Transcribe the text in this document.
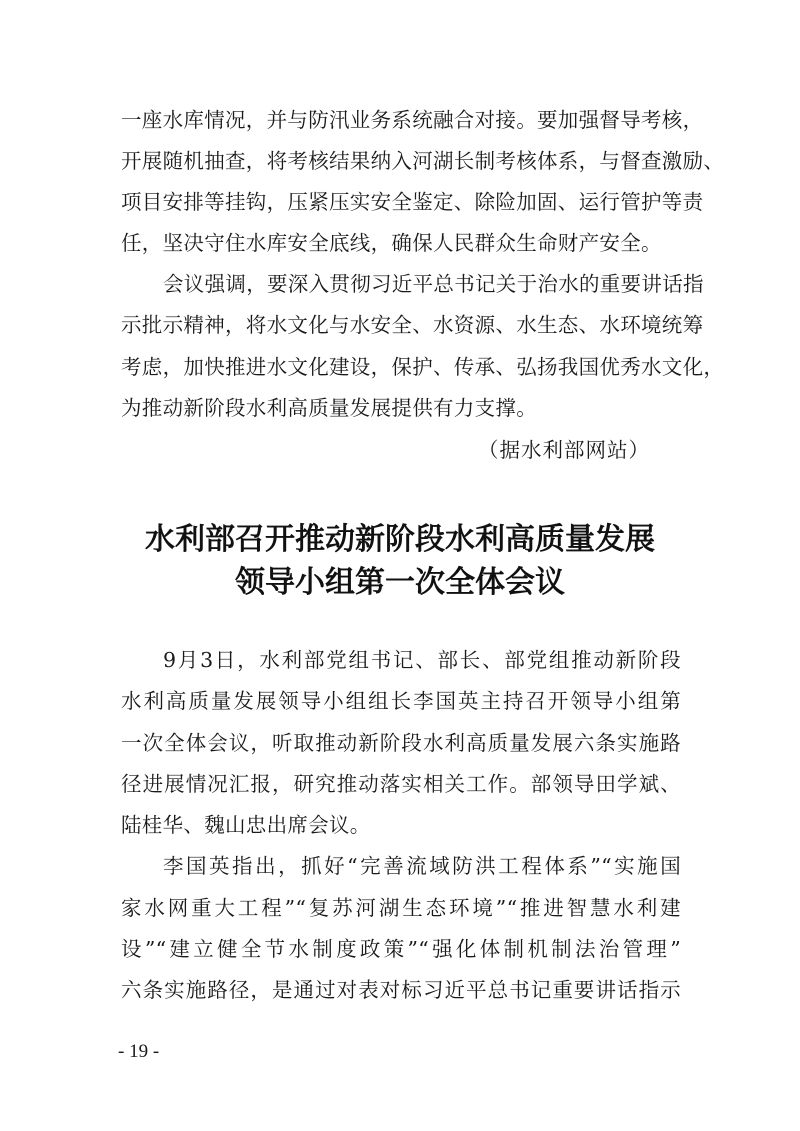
一座水库情况，并与防汛业务系统融合对接。要加强督导考核，
开展随机抽查，将考核结果纳入河湖长制考核体系，与督查激励、
项目安排等挂钩，压紧压实安全鉴定、除险加固、运行管护等责
任，坚决守住水库安全底线，确保人民群众生命财产安全。
会议强调，要深入贯彻习近平总书记关于治水的重要讲话指
示批示精神，将水文化与水安全、水资源、水生态、水环境统筹
考虑，加快推进水文化建设，保护、传承、弘扬我国优秀水文化，
为推动新阶段水利高质量发展提供有力支撑。
（据水利部网站）
水利部召开推动新阶段水利高质量发展
领导小组第一次全体会议
9月3日，水利部党组书记、部长、部党组推动新阶段
水利高质量发展领导小组组长李国英主持召开领导小组第
一次全体会议，听取推动新阶段水利高质量发展六条实施路
径进展情况汇报，研究推动落实相关工作。部领导田学斌、
陆桂华、魏山忠出席会议。
李国英指出，抓好“完善流域防洪工程体系”“实施国
家水网重大工程”“复苏河湖生态环境”“推进智慧水利建
设”“建立健全节水制度政策”“强化体制机制法治管理”
六条实施路径，是通过对表对标习近平总书记重要讲话指示
- 19 -
